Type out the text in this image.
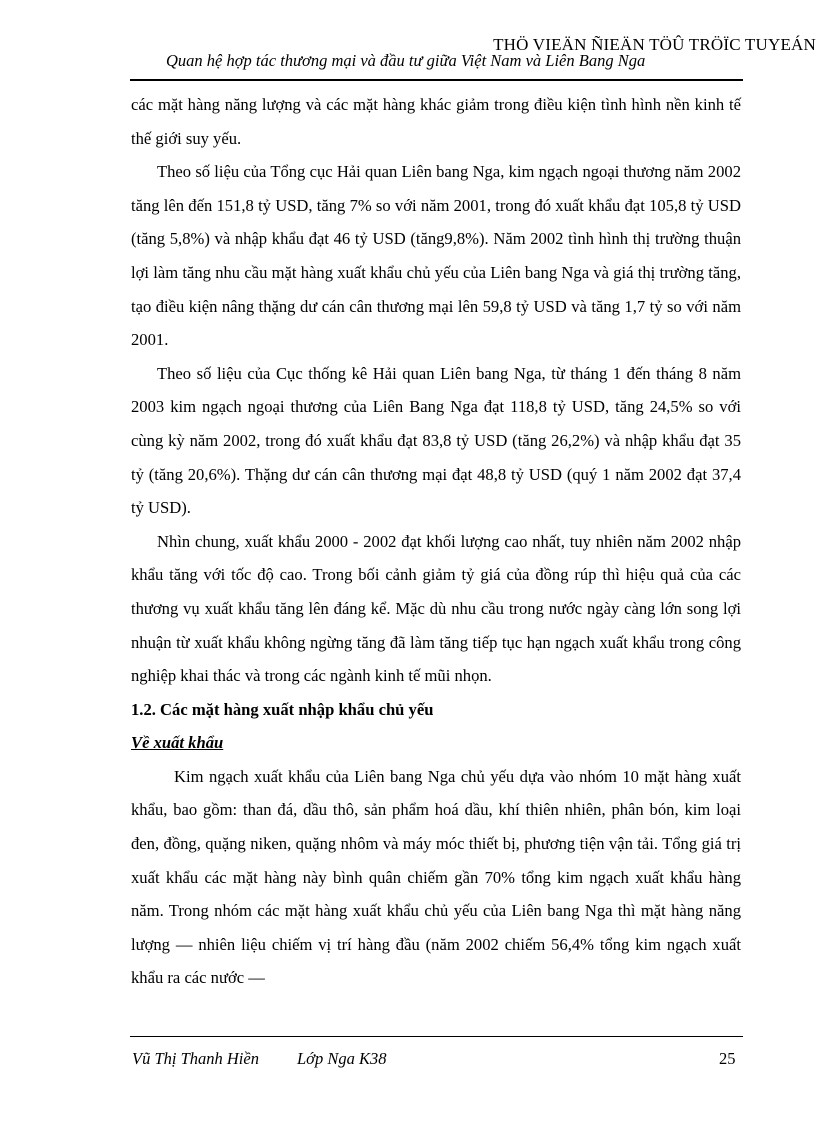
THÖ VIEÄN ÑIEÄN TÖÛ TRÖÏC TUYEÁN
Quan hệ hợp tác thương mại và đầu tư giữa Việt Nam và Liên Bang Nga

các mặt hàng năng lượng và các mặt hàng khác giảm trong điều kiện tình hình nền kinh tế thế giới suy yếu.

Theo số liệu của Tổng cục Hải quan Liên bang Nga, kim ngạch ngoại thương năm 2002 tăng lên đến 151,8 tỷ USD, tăng 7% so với năm 2001, trong đó xuất khẩu đạt 105,8 tỷ USD (tăng 5,8%) và nhập khẩu đạt 46 tỷ USD (tăng9,8%). Năm 2002 tình hình thị trường thuận lợi làm tăng nhu cầu mặt hàng xuất khẩu chủ yếu của Liên bang Nga và giá thị trường tăng, tạo điều kiện nâng thặng dư cán cân thương mại lên 59,8 tỷ USD và tăng 1,7 tỷ so với năm 2001.

Theo số liệu của Cục thống kê Hải quan Liên bang Nga, từ tháng 1 đến tháng 8 năm 2003 kim ngạch ngoại thương của Liên Bang Nga đạt 118,8 tỷ USD, tăng 24,5% so với cùng kỳ năm 2002, trong đó xuất khẩu đạt 83,8 tỷ USD (tăng 26,2%) và nhập khẩu đạt 35 tỷ (tăng 20,6%). Thặng dư cán cân thương mại đạt 48,8 tỷ USD (quý 1 năm 2002 đạt 37,4 tỷ USD).

Nhìn chung, xuất khẩu 2000 - 2002 đạt khối lượng cao nhất, tuy nhiên năm 2002 nhập khẩu tăng với tốc độ cao. Trong bối cảnh giảm tỷ giá của đồng rúp thì hiệu quả của các thương vụ xuất khẩu tăng lên đáng kể. Mặc dù nhu cầu trong nước ngày càng lớn song lợi nhuận từ xuất khẩu không ngừng tăng đã làm tăng tiếp tục hạn ngạch xuất khẩu trong công nghiệp khai thác và trong các ngành kinh tế mũi nhọn.

1.2. Các mặt hàng xuất nhập khẩu chủ yếu

Về xuất khẩu

Kim ngạch xuất khẩu của Liên bang Nga chủ yếu dựa vào nhóm 10 mặt hàng xuất khẩu, bao gồm: than đá, dầu thô, sản phẩm hoá dầu, khí thiên nhiên, phân bón, kim loại đen, đồng, quặng niken, quặng nhôm và máy móc thiết bị, phương tiện vận tải. Tổng giá trị xuất khẩu các mặt hàng này bình quân chiếm gần 70% tổng kim ngạch xuất khẩu hàng năm. Trong nhóm các mặt hàng xuất khẩu chủ yếu của Liên bang Nga thì mặt hàng năng lượng — nhiên liệu chiếm vị trí hàng đầu (năm 2002 chiếm 56,4% tổng kim ngạch xuất khẩu ra các nước —

Vũ Thị Thanh Hiền Lớp Nga K38	25
